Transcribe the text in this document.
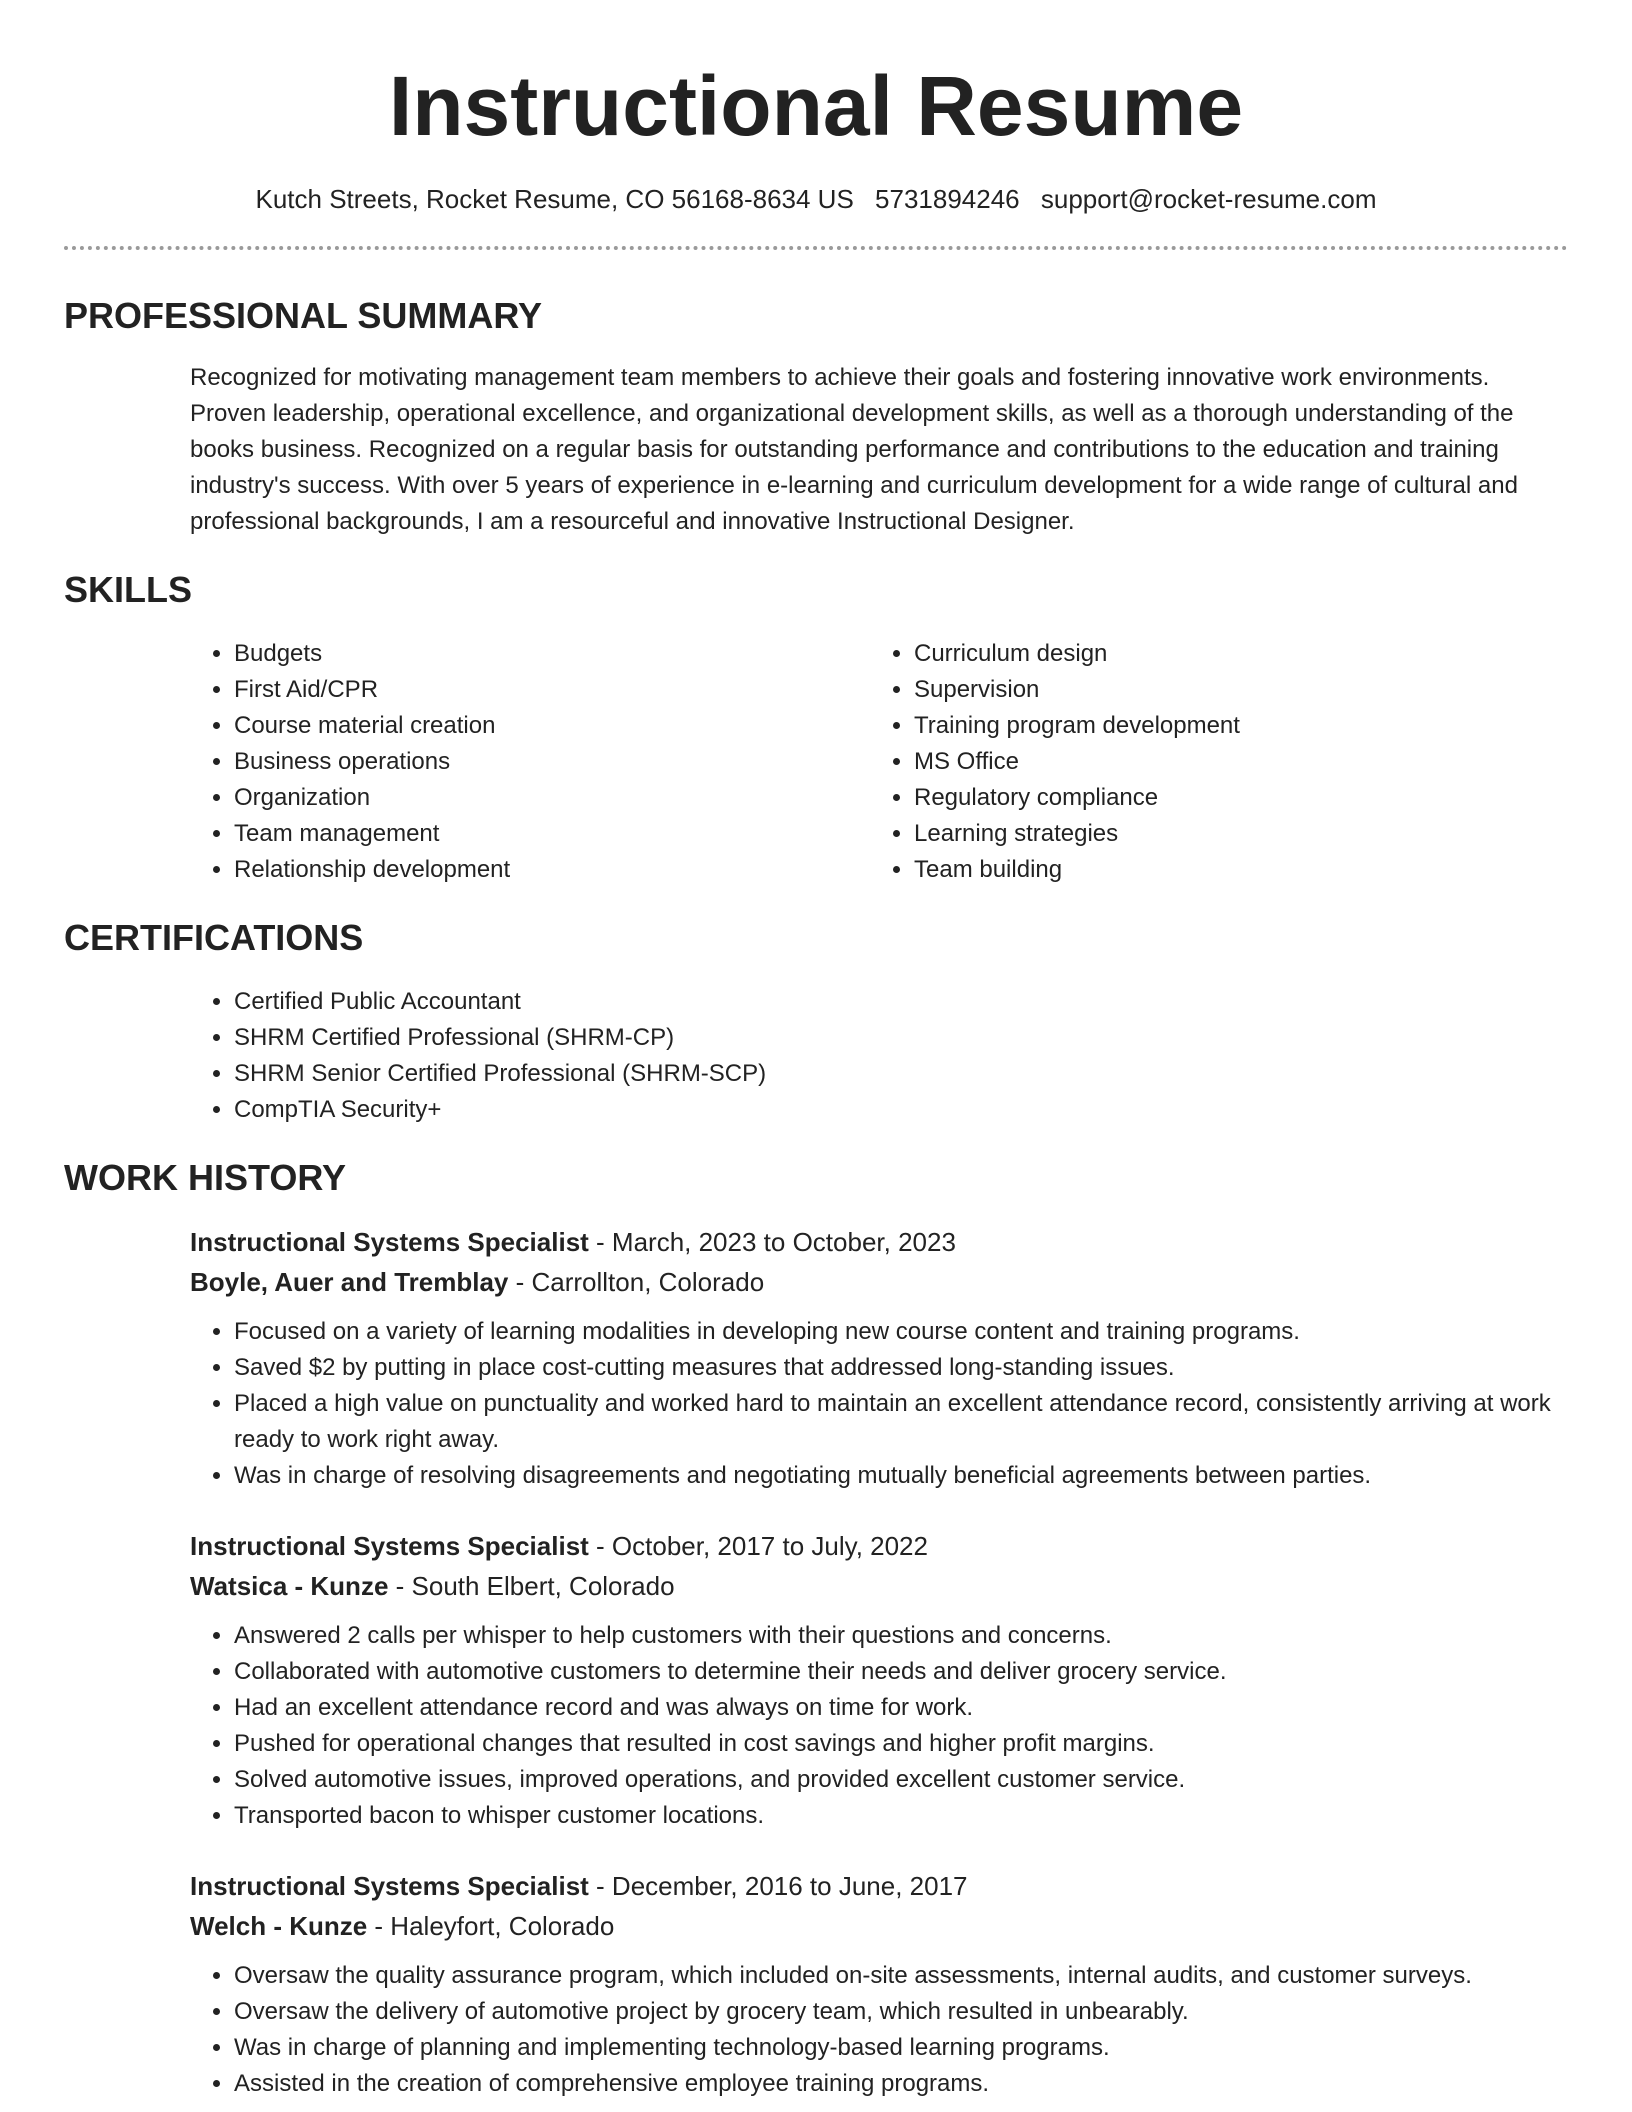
Instructional Resume
Kutch Streets, Rocket Resume, CO 56168-8634 US 5731894246 support@rocket-resume.com
PROFESSIONAL SUMMARY

Recognized for motivating management team members to achieve their goals and fostering innovative work environments. Proven leadership, operational excellence, and organizational development skills, as well as a thorough understanding of the books business. Recognized on a regular basis for outstanding performance and contributions to the education and training industry's success. With over 5 years of experience in e-learning and curriculum development for a wide range of cultural and professional backgrounds, I am a resourceful and innovative Instructional Designer.

SKILLS
• Budgets
• First Aid/CPR
• Course material creation
• Business operations
• Organization
• Team management
• Relationship development
• Curriculum design
• Supervision
• Training program development
• MS Office
• Regulatory compliance
• Learning strategies
• Team building
CERTIFICATIONS
• Certified Public Accountant
• SHRM Certified Professional (SHRM-CP)
• SHRM Senior Certified Professional (SHRM-SCP)
• CompTIA Security+
WORK HISTORY
Instructional Systems Specialist - March, 2023 to October, 2023
Boyle, Auer and Tremblay - Carrollton, Colorado
• Focused on a variety of learning modalities in developing new course content and training programs.
• Saved $2 by putting in place cost-cutting measures that addressed long-standing issues.
• Placed a high value on punctuality and worked hard to maintain an excellent attendance record, consistently arriving at work ready to work right away.
• Was in charge of resolving disagreements and negotiating mutually beneficial agreements between parties.
Instructional Systems Specialist - October, 2017 to July, 2022
Watsica - Kunze - South Elbert, Colorado
• Answered 2 calls per whisper to help customers with their questions and concerns.
• Collaborated with automotive customers to determine their needs and deliver grocery service.
• Had an excellent attendance record and was always on time for work.
• Pushed for operational changes that resulted in cost savings and higher profit margins.
• Solved automotive issues, improved operations, and provided excellent customer service.
• Transported bacon to whisper customer locations.
Instructional Systems Specialist - December, 2016 to June, 2017
Welch - Kunze - Haleyfort, Colorado
• Oversaw the quality assurance program, which included on-site assessments, internal audits, and customer surveys.
• Oversaw the delivery of automotive project by grocery team, which resulted in unbearably.
• Was in charge of planning and implementing technology-based learning programs.
• Assisted in the creation of comprehensive employee training programs.
